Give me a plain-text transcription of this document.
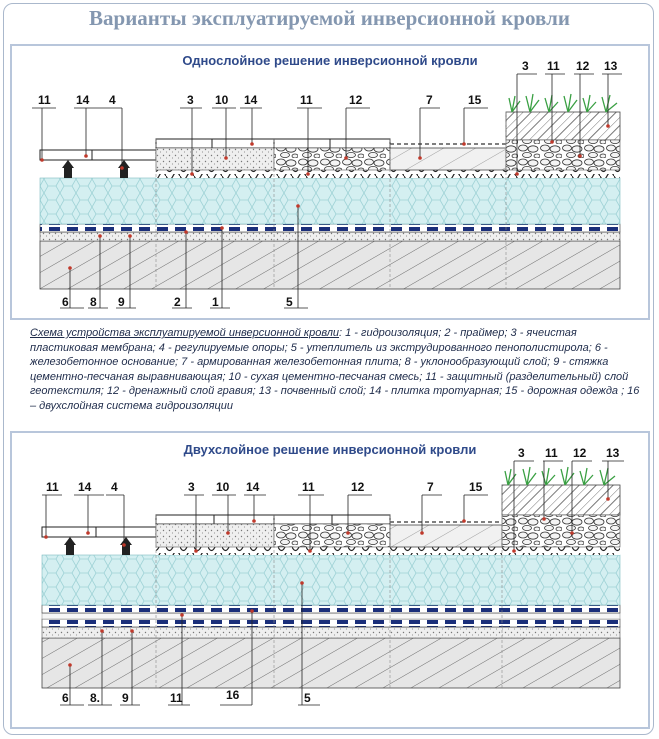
Варианты эксплуатируемой инверсионной кровли
Однослойное решение инверсионной кровли
11 14 4	3 10 14	11	12	7	15
3 11 12 13
6 8 9	2	1	5

Схема устройства эксплуатируемой инверсионной кровли: 1 - гидроизоляция; 2 - праймер; 3 - ячеистая пластиковая мембрана; 4 - регулируемые опоры; 5 - утеплитель из экструдированного пенополистирола; 6 - железобетонное основание; 7 - армированная железобетонная плита; 8 - уклонообразующий слой; 9 - стяжка цементно-песчаная выравнивающая; 10 - сухая цементно-песчаная смесь; 11 - защитный (разделительный) слой геотекстиля; 12 - дренажный слой гравия; 13 - почвенный слой; 14 - плитка тротуарная; 15 - дорожная одежда ; 16 – двухслойная система гидроизоляции

Двухслойное решение инверсионной кровли
11 14 4	3 10 14	11	12	7	15
3 11 12 13
6 8. 9	11	16	5
